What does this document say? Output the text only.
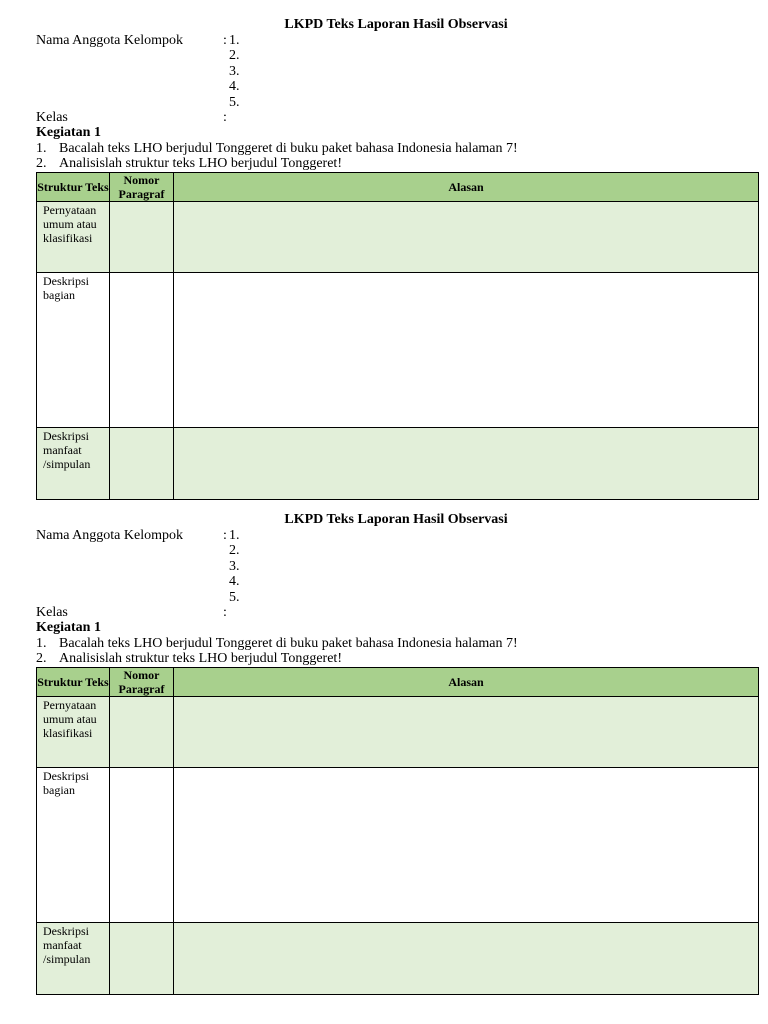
LKPD Teks Laporan Hasil Observasi
Nama Anggota Kelompok	: 1.
2.
3.
4.
5.
Kelas	:
Kegiatan 1
1. Bacalah teks LHO berjudul Tonggeret di buku paket bahasa Indonesia halaman 7!
2. Analisislah struktur teks LHO berjudul Tonggeret!
Struktur Teks	Nomor Paragraf	Alasan
Pernyataan umum atau klasifikasi		
Deskripsi bagian		
Deskripsi manfaat /simpulan		
LKPD Teks Laporan Hasil Observasi
Nama Anggota Kelompok	: 1.
2.
3.
4.
5.
Kelas	:
Kegiatan 1
1. Bacalah teks LHO berjudul Tonggeret di buku paket bahasa Indonesia halaman 7!
2. Analisislah struktur teks LHO berjudul Tonggeret!
Struktur Teks	Nomor Paragraf	Alasan
Pernyataan umum atau klasifikasi		
Deskripsi bagian		
Deskripsi manfaat /simpulan		
